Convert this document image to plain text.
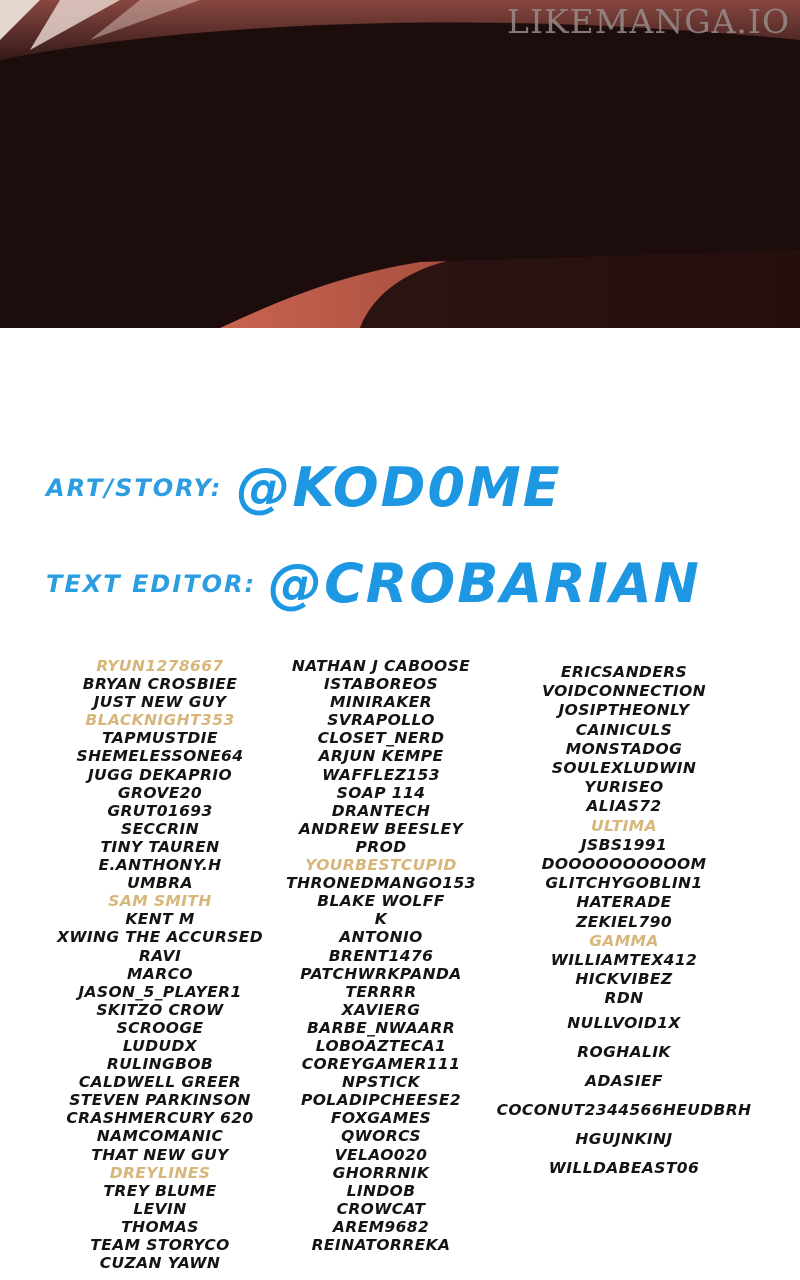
LIKEMANGA.IO
ART/STORY: @KOD0ME
TEXT EDITOR: @CROBARIAN
RYUN1278667
BRYAN CROSBIEE
JUST NEW GUY
BLACKNIGHT353
TAPMUSTDIE
SHEMELESSONE64
JUGG DEKAPRIO
GROVE20
GRUT01693
SECCRIN
TINY TAUREN
E.ANTHONY.H
UMBRA
SAM SMITH
KENT M
XWING THE ACCURSED
RAVI
MARCO
JASON_5_PLAYER1
SKITZO CROW
SCROOGE
LUDUDX
RULINGBOB
CALDWELL GREER
STEVEN PARKINSON
CRASHMERCURY 620
NAMCOMANIC
THAT NEW GUY
DREYLINES
TREY BLUME
LEVIN
THOMAS
TEAM STORYCO
CUZAN YAWN
NATHAN J CABOOSE
ISTABOREOS
MINIRAKER
SVRAPOLLO
CLOSET_NERD
ARJUN KEMPE
WAFFLEZ153
SOAP 114
DRANTECH
ANDREW BEESLEY
PROD
YOURBESTCUPID
THRONEDMANGO153
BLAKE WOLFF
K
ANTONIO
BRENT1476
PATCHWRKPANDA
TERRRR
XAVIERG
BARBE_NWAARR
LOBOAZTECA1
COREYGAMER111
NPSTICK
POLADIPCHEESE2
FOXGAMES
QWORCS
VELAO020
GHORRNIK
LINDOB
CROWCAT
AREM9682
REINATORREKA
ERICSANDERS
VOIDCONNECTION
JOSIPTHEONLY
CAINICULS
MONSTADOG
SOULEXLUDWIN
YURISEO
ALIAS72
ULTIMA
JSBS1991
DOOOOOOOOOOM
GLITCHYGOBLIN1
HATERADE
ZEKIEL790
GAMMA
WILLIAMTEX412
HICKVIBEZ
RDN
NULLVOID1X
ROGHALIK
ADASIEF
COCONUT2344566HEUDBRH
HGUJNKINJ
WILLDABEAST06
